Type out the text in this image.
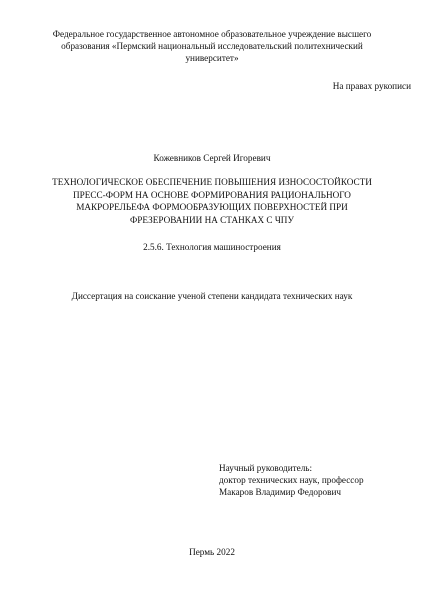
Федеральное государственное автономное образовательное учреждение высшего
образования «Пермский национальный исследовательский политехнический
университет»
На правах рукописи
Кожевников Сергей Игоревич
ТЕХНОЛОГИЧЕСКОЕ ОБЕСПЕЧЕНИЕ ПОВЫШЕНИЯ ИЗНОСОСТОЙКОСТИ
ПРЕСС-ФОРМ НА ОСНОВЕ ФОРМИРОВАНИЯ РАЦИОНАЛЬНОГО
МАКРОРЕЛЬЕФА ФОРМООБРАЗУЮЩИХ ПОВЕРХНОСТЕЙ ПРИ
ФРЕЗЕРОВАНИИ НА СТАНКАХ С ЧПУ
2.5.6. Технология машиностроения
Диссертация на соискание ученой степени кандидата технических наук
Научный руководитель:
доктор технических наук, профессор
Макаров Владимир Федорович
Пермь 2022
